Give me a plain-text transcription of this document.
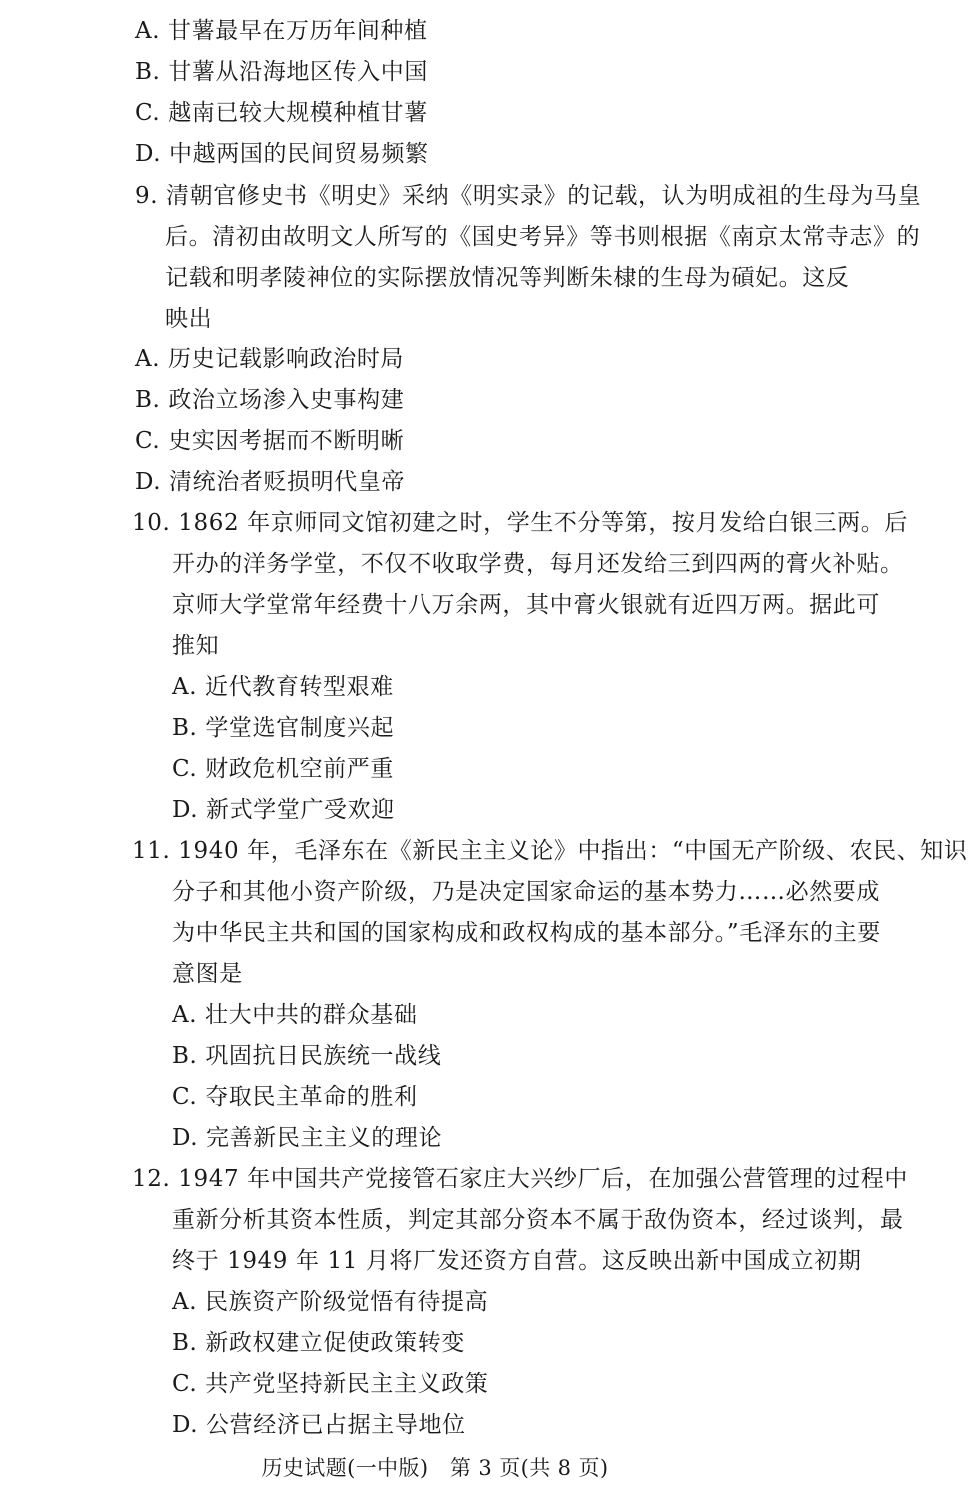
A. 甘薯最早在万历年间种植
B. 甘薯从沿海地区传入中国
C. 越南已较大规模种植甘薯
D. 中越两国的民间贸易频繁
9. 清朝官修史书《明史》采纳《明实录》的记载，认为明成祖的生母为马皇
后。清初由故明文人所写的《国史考异》等书则根据《南京太常寺志》的
记载和明孝陵神位的实际摆放情况等判断朱棣的生母为碽妃。这反
映出
A. 历史记载影响政治时局
B. 政治立场渗入史事构建
C. 史实因考据而不断明晰
D. 清统治者贬损明代皇帝
10. 1862 年京师同文馆初建之时，学生不分等第，按月发给白银三两。后
开办的洋务学堂，不仅不收取学费，每月还发给三到四两的膏火补贴。
京师大学堂常年经费十八万余两，其中膏火银就有近四万两。据此可
推知
A. 近代教育转型艰难
B. 学堂选官制度兴起
C. 财政危机空前严重
D. 新式学堂广受欢迎
11. 1940 年，毛泽东在《新民主主义论》中指出：“中国无产阶级、农民、知识
分子和其他小资产阶级，乃是决定国家命运的基本势力……必然要成
为中华民主共和国的国家构成和政权构成的基本部分。”毛泽东的主要
意图是
A. 壮大中共的群众基础
B. 巩固抗日民族统一战线
C. 夺取民主革命的胜利
D. 完善新民主主义的理论
12. 1947 年中国共产党接管石家庄大兴纱厂后，在加强公营管理的过程中
重新分析其资本性质，判定其部分资本不属于敌伪资本，经过谈判，最
终于 1949 年 11 月将厂发还资方自营。这反映出新中国成立初期
A. 民族资产阶级觉悟有待提高
B. 新政权建立促使政策转变
C. 共产党坚持新民主主义政策
D. 公营经济已占据主导地位
历史试题(一中版)　第 3 页(共 8 页)
